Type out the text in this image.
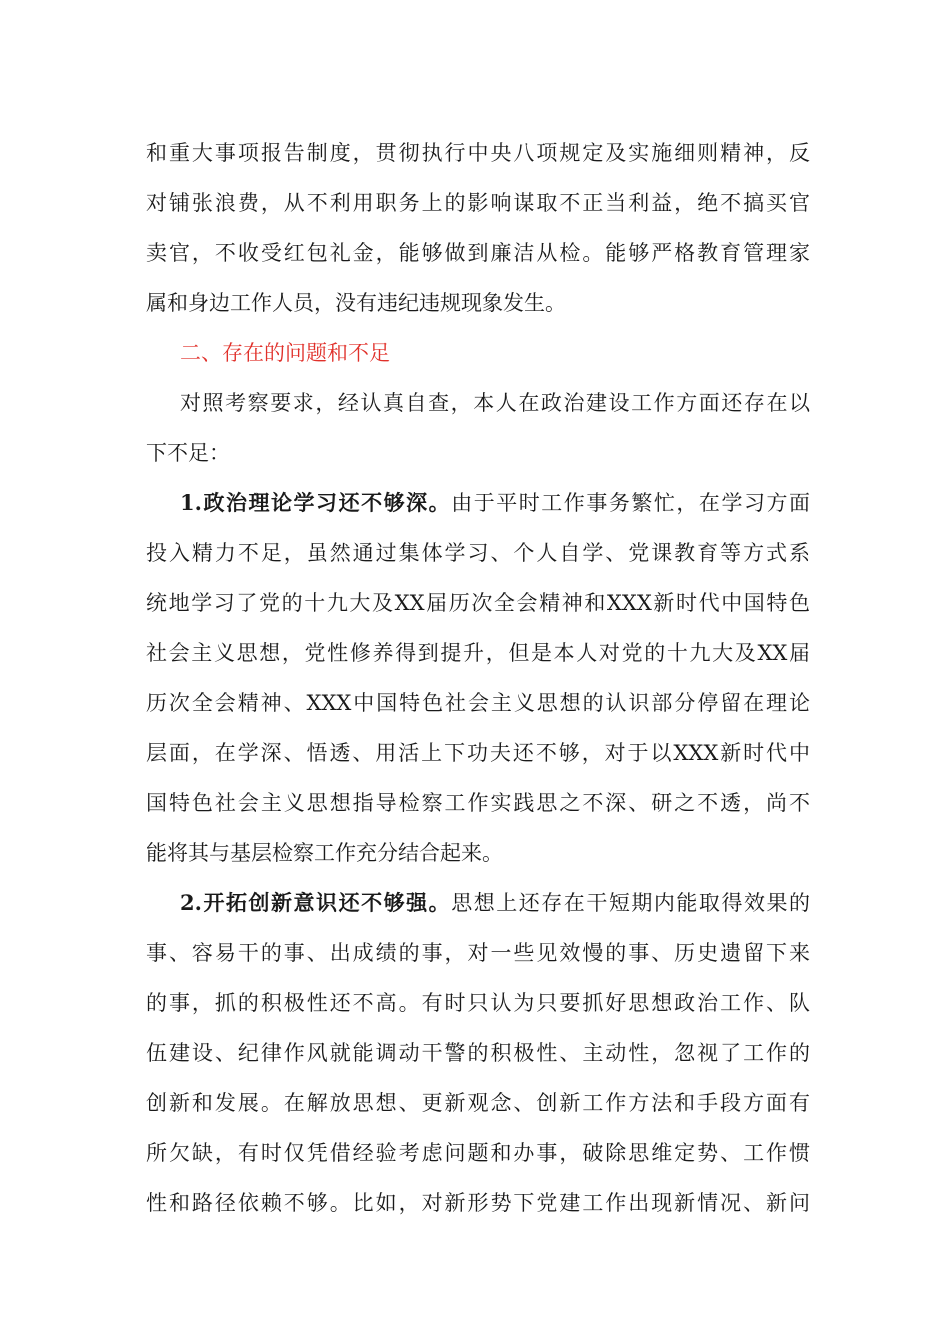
和重大事项报告制度，贯彻执行中央八项规定及实施细则精神，反
对铺张浪费，从不利用职务上的影响谋取不正当利益，绝不搞买官
卖官，不收受红包礼金，能够做到廉洁从检。能够严格教育管理家
属和身边工作人员，没有违纪违规现象发生。
二、存在的问题和不足
对照考察要求，经认真自查，本人在政治建设工作方面还存在以
下不足：
1.政治理论学习还不够深。由于平时工作事务繁忙，在学习方面
投入精力不足，虽然通过集体学习、个人自学、党课教育等方式系
统地学习了党的十九大及XX届历次全会精神和XXX新时代中国特色
社会主义思想，党性修养得到提升，但是本人对党的十九大及XX届
历次全会精神、XXX中国特色社会主义思想的认识部分停留在理论
层面，在学深、悟透、用活上下功夫还不够，对于以XXX新时代中
国特色社会主义思想指导检察工作实践思之不深、研之不透，尚不
能将其与基层检察工作充分结合起来。
2.开拓创新意识还不够强。思想上还存在干短期内能取得效果的
事、容易干的事、出成绩的事，对一些见效慢的事、历史遗留下来
的事，抓的积极性还不高。有时只认为只要抓好思想政治工作、队
伍建设、纪律作风就能调动干警的积极性、主动性，忽视了工作的
创新和发展。在解放思想、更新观念、创新工作方法和手段方面有
所欠缺，有时仅凭借经验考虑问题和办事，破除思维定势、工作惯
性和路径依赖不够。比如，对新形势下党建工作出现新情况、新问
